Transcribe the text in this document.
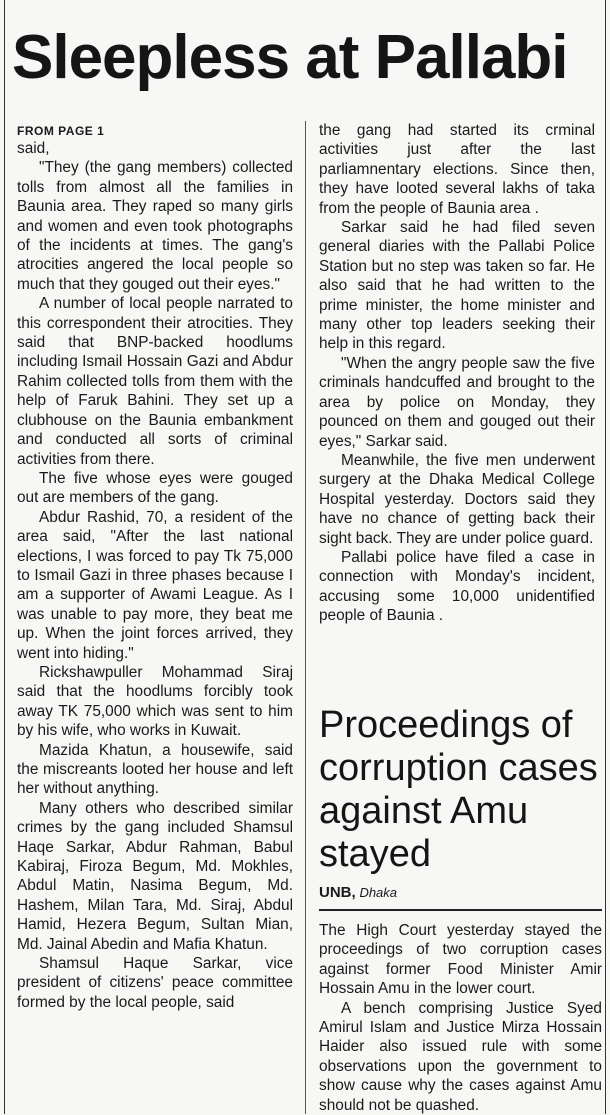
Sleepless at Pallabi
FROM PAGE 1

said,

"They (the gang members) collected tolls from almost all the families in Baunia area. They raped so many girls and women and even took photographs of the incidents at times. The gang's atrocities angered the local people so much that they gouged out their eyes."

A number of local people narrated to this correspondent their atrocities. They said that BNP-backed hoodlums including Ismail Hossain Gazi and Abdur Rahim collected tolls from them with the help of Faruk Bahini. They set up a clubhouse on the Baunia embankment and conducted all sorts of criminal activities from there.

The five whose eyes were gouged out are members of the gang.

Abdur Rashid, 70, a resident of the area said, "After the last national elections, I was forced to pay Tk 75,000 to Ismail Gazi in three phases because I am a supporter of Awami League. As I was unable to pay more, they beat me up. When the joint forces arrived, they went into hiding."

Rickshawpuller Mohammad Siraj said that the hoodlums forcibly took away TK 75,000 which was sent to him by his wife, who works in Kuwait.

Mazida Khatun, a housewife, said the miscreants looted her house and left her without anything.

Many others who described similar crimes by the gang included Shamsul Haqe Sarkar, Abdur Rahman, Babul Kabiraj, Firoza Begum, Md. Mokhles, Abdul Matin, Nasima Begum, Md. Hashem, Milan Tara, Md. Siraj, Abdul Hamid, Hezera Begum, Sultan Mian, Md. Jainal Abedin and Mafia Khatun.

Shamsul Haque Sarkar, vice president of citizens' peace committee formed by the local people, said

the gang had started its crminal activities just after the last parliamnentary elections. Since then, they have looted several lakhs of taka from the people of Baunia area .

Sarkar said he had filed seven general diaries with the Pallabi Police Station but no step was taken so far. He also said that he had written to the prime minister, the home minister and many other top leaders seeking their help in this regard.

"When the angry people saw the five criminals handcuffed and brought to the area by police on Monday, they pounced on them and gouged out their eyes," Sarkar said.

Meanwhile, the five men underwent surgery at the Dhaka Medical College Hospital yesterday. Doctors said they have no chance of getting back their sight back. They are under police guard.

Pallabi police have filed a case in connection with Monday's incident, accusing some 10,000 unidentified people of Baunia .

Proceedings of corruption cases against Amu stayed
UNB, Dhaka

The High Court yesterday stayed the proceedings of two corruption cases against former Food Minister Amir Hossain Amu in the lower court.

A bench comprising Justice Syed Amirul Islam and Justice Mirza Hossain Haider also issued rule with some observations upon the government to show cause why the cases against Amu should not be quashed.
